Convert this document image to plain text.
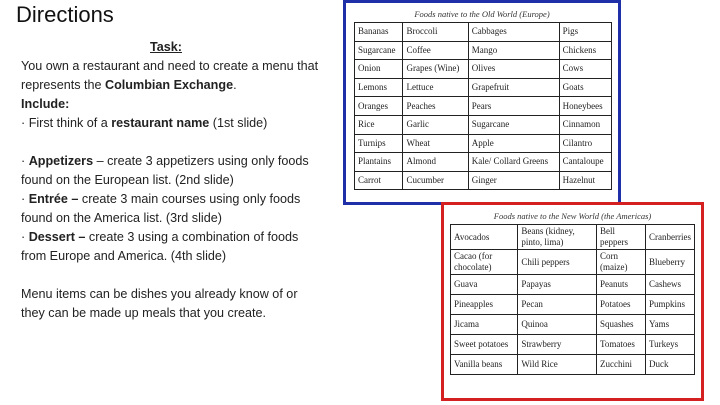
Directions
Task:
You own a restaurant and need to create a menu that represents the Columbian Exchange.
Include:
· First think of a restaurant name (1st slide)
· Appetizers – create 3 appetizers using only foods found on the European list. (2nd slide)
· Entrée – create 3 main courses using only foods found on the America list. (3rd slide)
· Dessert – create 3 using a combination of foods from Europe and America. (4th slide)
Menu items can be dishes you already know of or they can be made up meals that you create.
Foods native to the Old World (Europe)
Bananas	Broccoli	Cabbages	Pigs
Sugarcane	Coffee	Mango	Chickens
Onion	Grapes (Wine)	Olives	Cows
Lemons	Lettuce	Grapefruit	Goats
Oranges	Peaches	Pears	Honeybees
Rice	Garlic	Sugarcane	Cinnamon
Turnips	Wheat	Apple	Cilantro
Plantains	Almond	Kale/ Collard Greens	Cantaloupe
Carrot	Cucumber	Ginger	Hazelnut
Foods native to the New World (the Americas)
Avocados	Beans (kidney, pinto, lima)	Bell peppers	Cranberries
Cacao (for chocolate)	Chili peppers	Corn (maize)	Blueberry
Guava	Papayas	Peanuts	Cashews
Pineapples	Pecan	Potatoes	Pumpkins
Jicama	Quinoa	Squashes	Yams
Sweet potatoes	Strawberry	Tomatoes	Turkeys
Vanilla beans	Wild Rice	Zucchini	Duck
